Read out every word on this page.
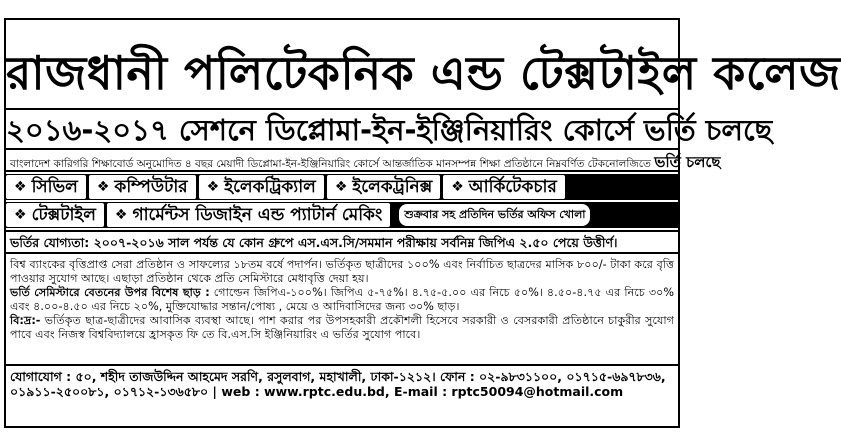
রাজধানী পলিটেকনিক এন্ড টেক্সটাইল কলেজ
২০১৬-২০১৭ সেশনে ডিপ্লোমা-ইন-ইঞ্জিনিয়ারিং কোর্সে ভর্তি চলছে
বাংলাদেশ কারিগরি শিক্ষাবোর্ড অনুমোদিত ৪ বছর মেয়াদী ডিপ্লোমা-ইন-ইঞ্জিনিয়ারিং কোর্সে আন্তর্জাতিক মানসম্পন্ন শিক্ষা প্রতিষ্ঠানে নিম্নবর্ণিত টেকনোলজিতে ভর্তি চলছে
❖ সিভিল ❖ কম্পিউটার ❖ ইলেকট্রিক্যাল ❖ ইলেকট্রনিক্স ❖ আর্কিটেকচার
❖ টেক্সটাইল ❖ গার্মেন্টস ডিজাইন এন্ড প্যাটার্ন মেকিং	শুক্রবার সহ প্রতিদিন ভর্তির অফিস খোলা
ভর্তির যোগ্যতা: ২০০৭-২০১৬ সাল পর্যন্ত যে কোন গ্রুপে এস.এস.সি/সমমান পরীক্ষায় সর্বনিম্ন জিপিএ ২.৫০ পেয়ে উত্তীর্ণ।

বিশ্ব ব্যাংকের বৃত্তিপ্রাপ্ত সেরা প্রতিষ্ঠান ও সাফল্যের ১৮তম বর্ষে পদার্পন। ভর্তিকৃত ছাত্রীদের ১০০% এবং নির্বাচিত ছাত্রদের মাসিক ৮০০/- টাকা করে বৃত্তি পাওয়ার সুযোগ আছে। এছাড়া প্রতিষ্ঠান থেকে প্রতি সেমিস্টারে মেধাবৃত্তি দেয়া হয়।

ভর্তি সেমিস্টারে বেতনের উপর বিশেষ ছাড় : গোল্ডেন জিপিএ-১০০%। জিপিএ ৫-৭৫%। ৪.৭৫-৫.০০ এর নিচে ৫০%। ৪.৫০-৪.৭৫ এর নিচে ৩০% এবং ৪.০০-৪.৫০ এর নিচে ২০%, মুক্তিযোদ্ধার সন্তান/পোষ্য , মেয়ে ও আদিবাসিদের জন্য ৩০% ছাড়।

বি:দ্র:- ভর্তিকৃত ছাত্র-ছাত্রীদের আবাসিক ব্যবস্থা আছে। পাশ করার পর উপসহকারী প্রকৌশলী হিসেবে সরকারী ও বেসরকারী প্রতিষ্ঠানে চাকুরীর সুযোগ পাবে এবং নিজস্ব বিশ্ববিদ্যালয়ে হ্রাসকৃত ফি তে বি.এস.সি ইঞ্জিনিয়ারিং এ ভর্তির সুযোগ পাবে।

যোগাযোগ : ৫০, শহীদ তাজউদ্দিন আহমেদ সরণি, রসুলবাগ, মহাখালী, ঢাকা-১২১২। ফোন : ০২-৯৮৩১১০০, ০১৭১৫-৬৯৭৮৩৬,
০১৯১১-২৫০০৮১, ০১৭১২-১৩৬৫৮০ | web : www.rptc.edu.bd, E-mail : rptc50094@hotmail.com
